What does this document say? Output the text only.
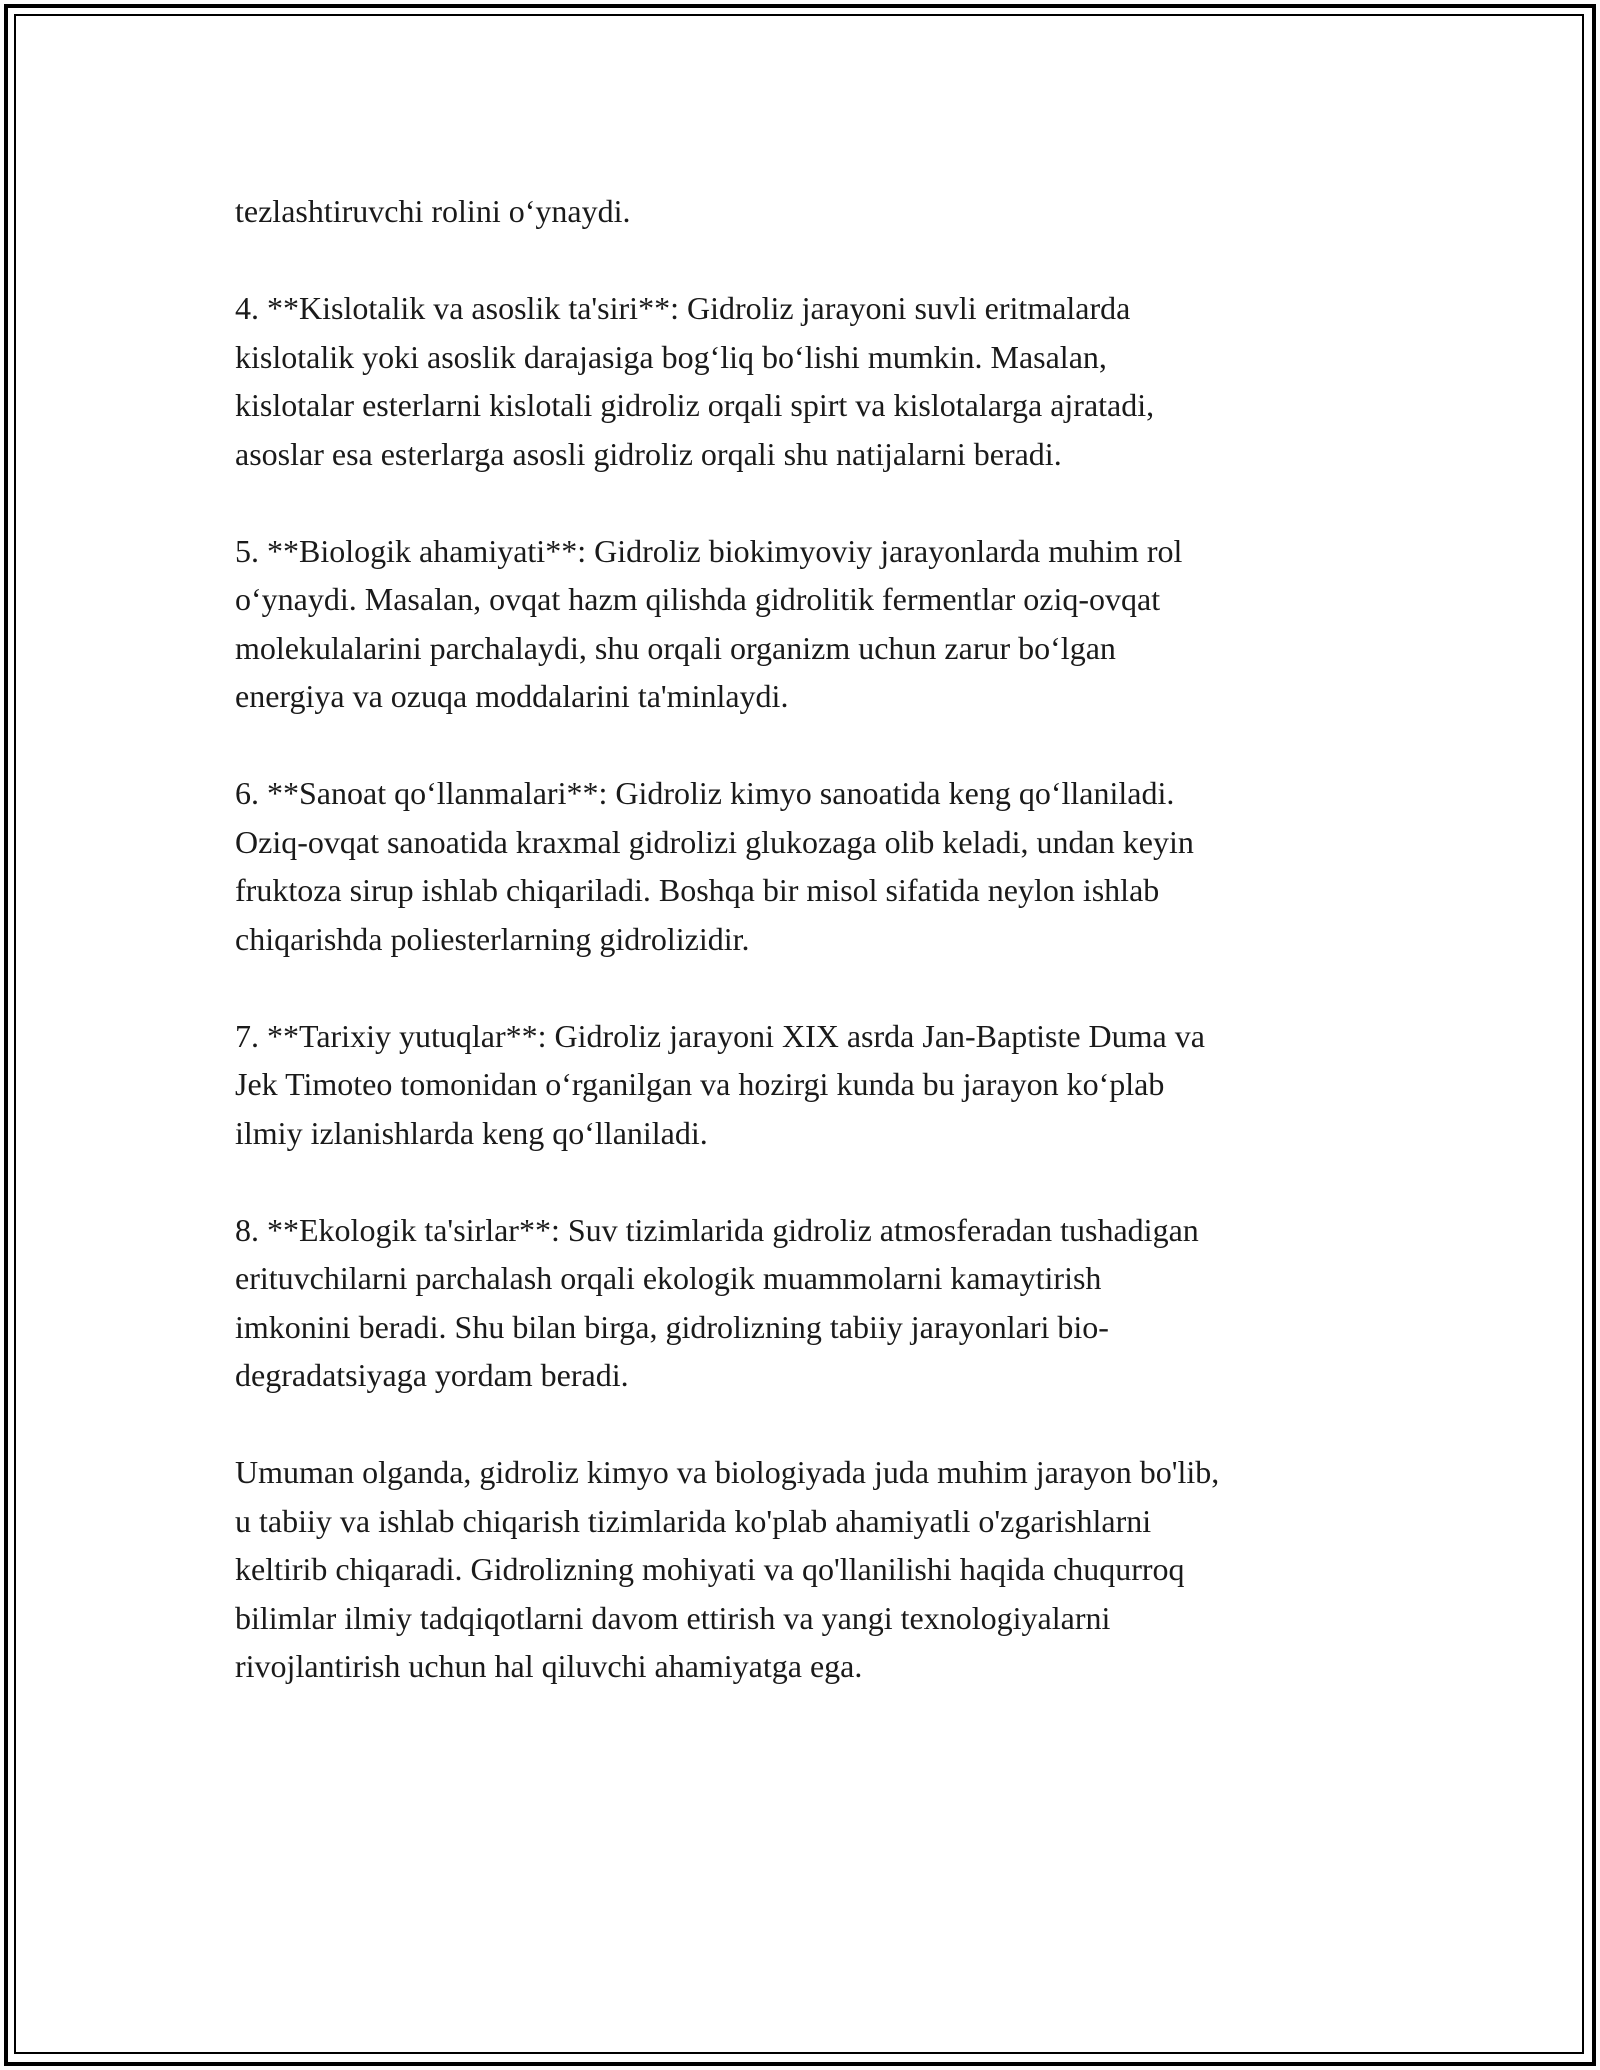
tezlashtiruvchi rolini o‘ynaydi.

4. **Kislotalik va asoslik ta'siri**: Gidroliz jarayoni suvli eritmalarda
kislotalik yoki asoslik darajasiga bog‘liq bo‘lishi mumkin. Masalan,
kislotalar esterlarni kislotali gidroliz orqali spirt va kislotalarga ajratadi,
asoslar esa esterlarga asosli gidroliz orqali shu natijalarni beradi.

5. **Biologik ahamiyati**: Gidroliz biokimyoviy jarayonlarda muhim rol
o‘ynaydi. Masalan, ovqat hazm qilishda gidrolitik fermentlar oziq-ovqat
molekulalarini parchalaydi, shu orqali organizm uchun zarur bo‘lgan
energiya va ozuqa moddalarini ta'minlaydi.

6. **Sanoat qo‘llanmalari**: Gidroliz kimyo sanoatida keng qo‘llaniladi.
Oziq-ovqat sanoatida kraxmal gidrolizi glukozaga olib keladi, undan keyin
fruktoza sirup ishlab chiqariladi. Boshqa bir misol sifatida neylon ishlab
chiqarishda poliesterlarning gidrolizidir.

7. **Tarixiy yutuqlar**: Gidroliz jarayoni XIX asrda Jan-Baptiste Duma va
Jek Timoteo tomonidan o‘rganilgan va hozirgi kunda bu jarayon ko‘plab
ilmiy izlanishlarda keng qo‘llaniladi.

8. **Ekologik ta'sirlar**: Suv tizimlarida gidroliz atmosferadan tushadigan
erituvchilarni parchalash orqali ekologik muammolarni kamaytirish
imkonini beradi. Shu bilan birga, gidrolizning tabiiy jarayonlari bio-
degradatsiyaga yordam beradi.

Umuman olganda, gidroliz kimyo va biologiyada juda muhim jarayon bo'lib,
u tabiiy va ishlab chiqarish tizimlarida ko'plab ahamiyatli o'zgarishlarni
keltirib chiqaradi. Gidrolizning mohiyati va qo'llanilishi haqida chuqurroq
bilimlar ilmiy tadqiqotlarni davom ettirish va yangi texnologiyalarni
rivojlantirish uchun hal qiluvchi ahamiyatga ega.
